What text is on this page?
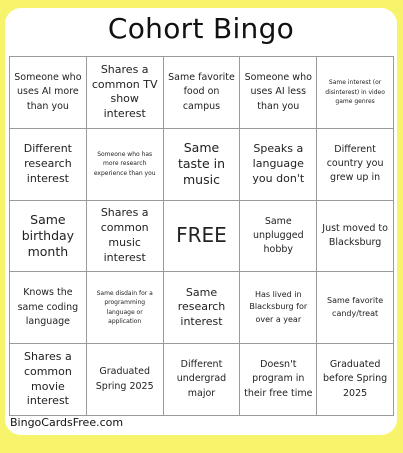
Cohort Bingo
Someone who uses AI more than you
Shares a common TV show interest
Same favorite food on campus
Someone who uses AI less than you
Same interest (or disinterest) in video game genres
Different research interest
Someone who has more research experience than you
Same taste in music
Speaks a language you don't
Different country you grew up in
Same birthday month
Shares a common music interest
FREE
Same unplugged hobby
Just moved to Blacksburg
Knows the same coding language
Same disdain for a programming language or application
Same research interest
Has lived in Blacksburg for over a year
Same favorite candy/treat
Shares a common movie interest
Graduated Spring 2025
Different undergrad major
Doesn't program in their free time
Graduated before Spring 2025
BingoCardsFree.com
